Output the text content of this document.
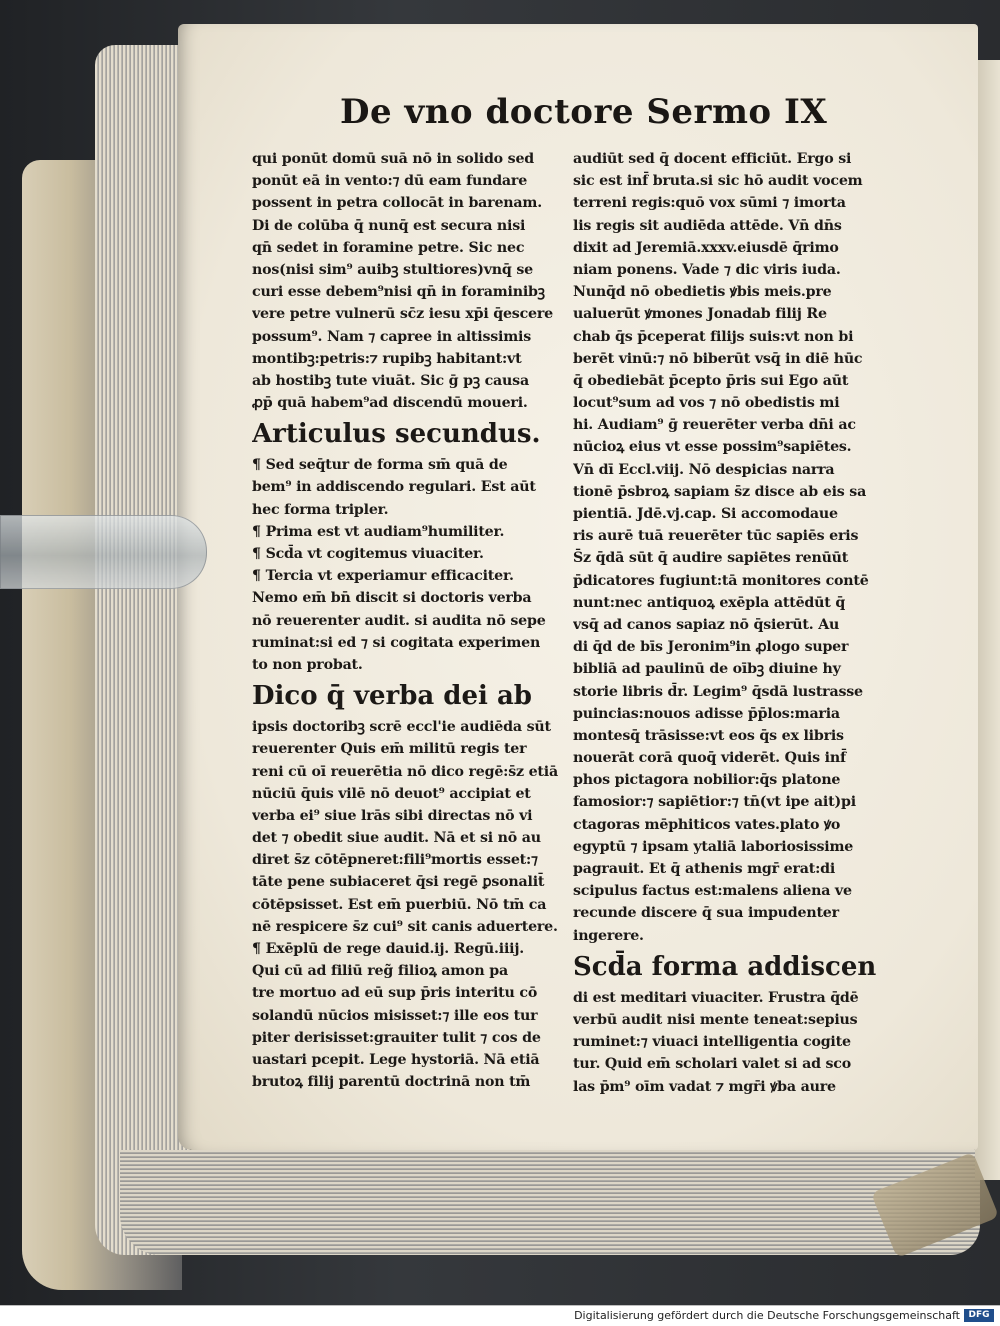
De vno doctore Sermo IX
qui ponūt domū suā nō in solido sed
ponūt eā in vento:⁊ dū eam fundare
possent in petra collocāt in barenam.
Di de colūba q̄ nunq̄ est secura nisi
qn̄ sedet in foramine petre. Sic nec
nos(nisi sim⁹ auibꝫ stultiores)vnq̄ se
curi esse debem⁹nisi qn̄ in foraminibꝫ
vere petre vulnerū sc̄z iesu xp̄i q̄escere
possum⁹. Nam ⁊ capree in altissimis
montibꝫ:petris:⁊ rupibꝫ habitant:vt
ab hostibꝫ tute viuāt. Sic ḡ pꝫ causa
ꝓp̄ quā habem⁹ad discendū moueri.
Articulus secundus.
¶ Sed seq̄tur de forma sm̄ quā de
bem⁹ in addiscendo regulari. Est aūt
hec forma tripler.
¶ Prima est vt audiam⁹humiliter.
¶ Scd̄a vt cogitemus viuaciter.
¶ Tercia vt experiamur efficaciter.
Nemo em̄ bn̄ discit si doctoris verba
nō reuerenter audit. si audita nō sepe
ruminat:si ed ⁊ si cogitata experimen
to non probat.
Dico q̄ verba dei ab
ipsis doctoribꝫ scrē eccl'ie audiēda sūt
reuerenter Quis em̄ militū regis ter
reni cū oī reuerētia nō dico regē:s̄z etiā
nūciū q̄uis vilē nō deuot⁹ accipiat et
verba ei⁹ siue lrās sibi directas nō vi
det ⁊ obedit siue audit. Nā et si nō au
diret s̄z cōtēpneret:fili⁹mortis esset:⁊
tāte pene subiaceret q̄si regē ꝑsonalit̄
cōtēpsisset. Est em̄ puerbiū. Nō tm̄ ca
nē respicere s̄z cui⁹ sit canis aduertere.
¶ Exēplū de rege dauid.ij. Regū.iiij.
Qui cū ad filiū reg̃ filioꝝ amon pa
tre mortuo ad eū sup p̄ris interitu cō
solandū nūcios misisset:⁊ ille eos tur
piter derisisset:grauiter tulit ⁊ cos de
uastari pcepit. Lege hystoriā. Nā etiā
brutoꝝ filij parentū doctrinā non tm̄
audiūt sed q̄ docent efficiūt. Ergo si
sic est inf̄ bruta.si sic hō audit vocem
terreni regis:quō vox sūmi ⁊ imorta
lis regis sit audiēda attēde. Vn̄ dn̄s
dixit ad Jeremiā.xxxv.eiusdē q̄rimo
niam ponens. Vade ⁊ dic viris iuda.
Nunq̄d nō obedietis ꝟbis meis.pre
ualuerūt ꝟmones Jonadab filij Re
chab q̄s p̄ceperat filijs suis:vt non bi
berēt vinū:⁊ nō biberūt vsq̄ in diē hūc
q̄ obediebāt p̄cepto p̄ris sui Ego aūt
locut⁹sum ad vos ⁊ nō obedistis mi
hi. Audiam⁹ ḡ reuerēter verba dn̄i ac
nūcioꝝ eius vt esse possim⁹sapiētes.
Vn̄ dī Eccl.viij. Nō despicias narra
tionē p̄sbroꝝ sapiam s̄z disce ab eis sa
pientiā. Jdē.vj.cap. Si accomodaue
ris aurē tuā reuerēter tūc sapiēs eris
S̄z q̄dā sūt q̄ audire sapiētes renūūt
p̄dicatores fugiunt:tā monitores contē
nunt:nec antiquoꝝ exēpla attēdūt q̄
vsq̄ ad canos sapiaz nō q̄sierūt. Au
di q̄d de bīs Jeronim⁹in ꝓlogo super
bibliā ad paulinū de oībꝫ diuine hy
storie libris d̄r. Legim⁹ q̄sdā lustrasse
puincias:nouos adisse p̄p̄los:maria
montesq̄ trāsisse:vt eos q̄s ex libris
nouerāt corā quoq̄ viderēt. Quis inf̄
phos pictagora nobilior:q̄s platone
famosior:⁊ sapiētior:⁊ tn̄(vt ipe ait)pi
ctagoras mēphiticos vates.plato ꝟo
egyptū ⁊ ipsam ytaliā laboriosissime
pagrauit. Et q̄ athenis mgr̄ erat:di
scipulus factus est:malens aliena ve
recunde discere q̄ sua impudenter
ingerere.
Scd̄a forma addiscen
di est meditari viuaciter. Frustra q̄dē
verbū audit nisi mente teneat:sepius
ruminet:⁊ viuaci intelligentia cogite
tur. Quid em̄ scholari valet si ad sco
las p̄m⁹ oīm vadat ⁊ mgr̄i ꝟba aure
Digitalisierung gefördert durch die Deutsche Forschungsgemeinschaft DFG
